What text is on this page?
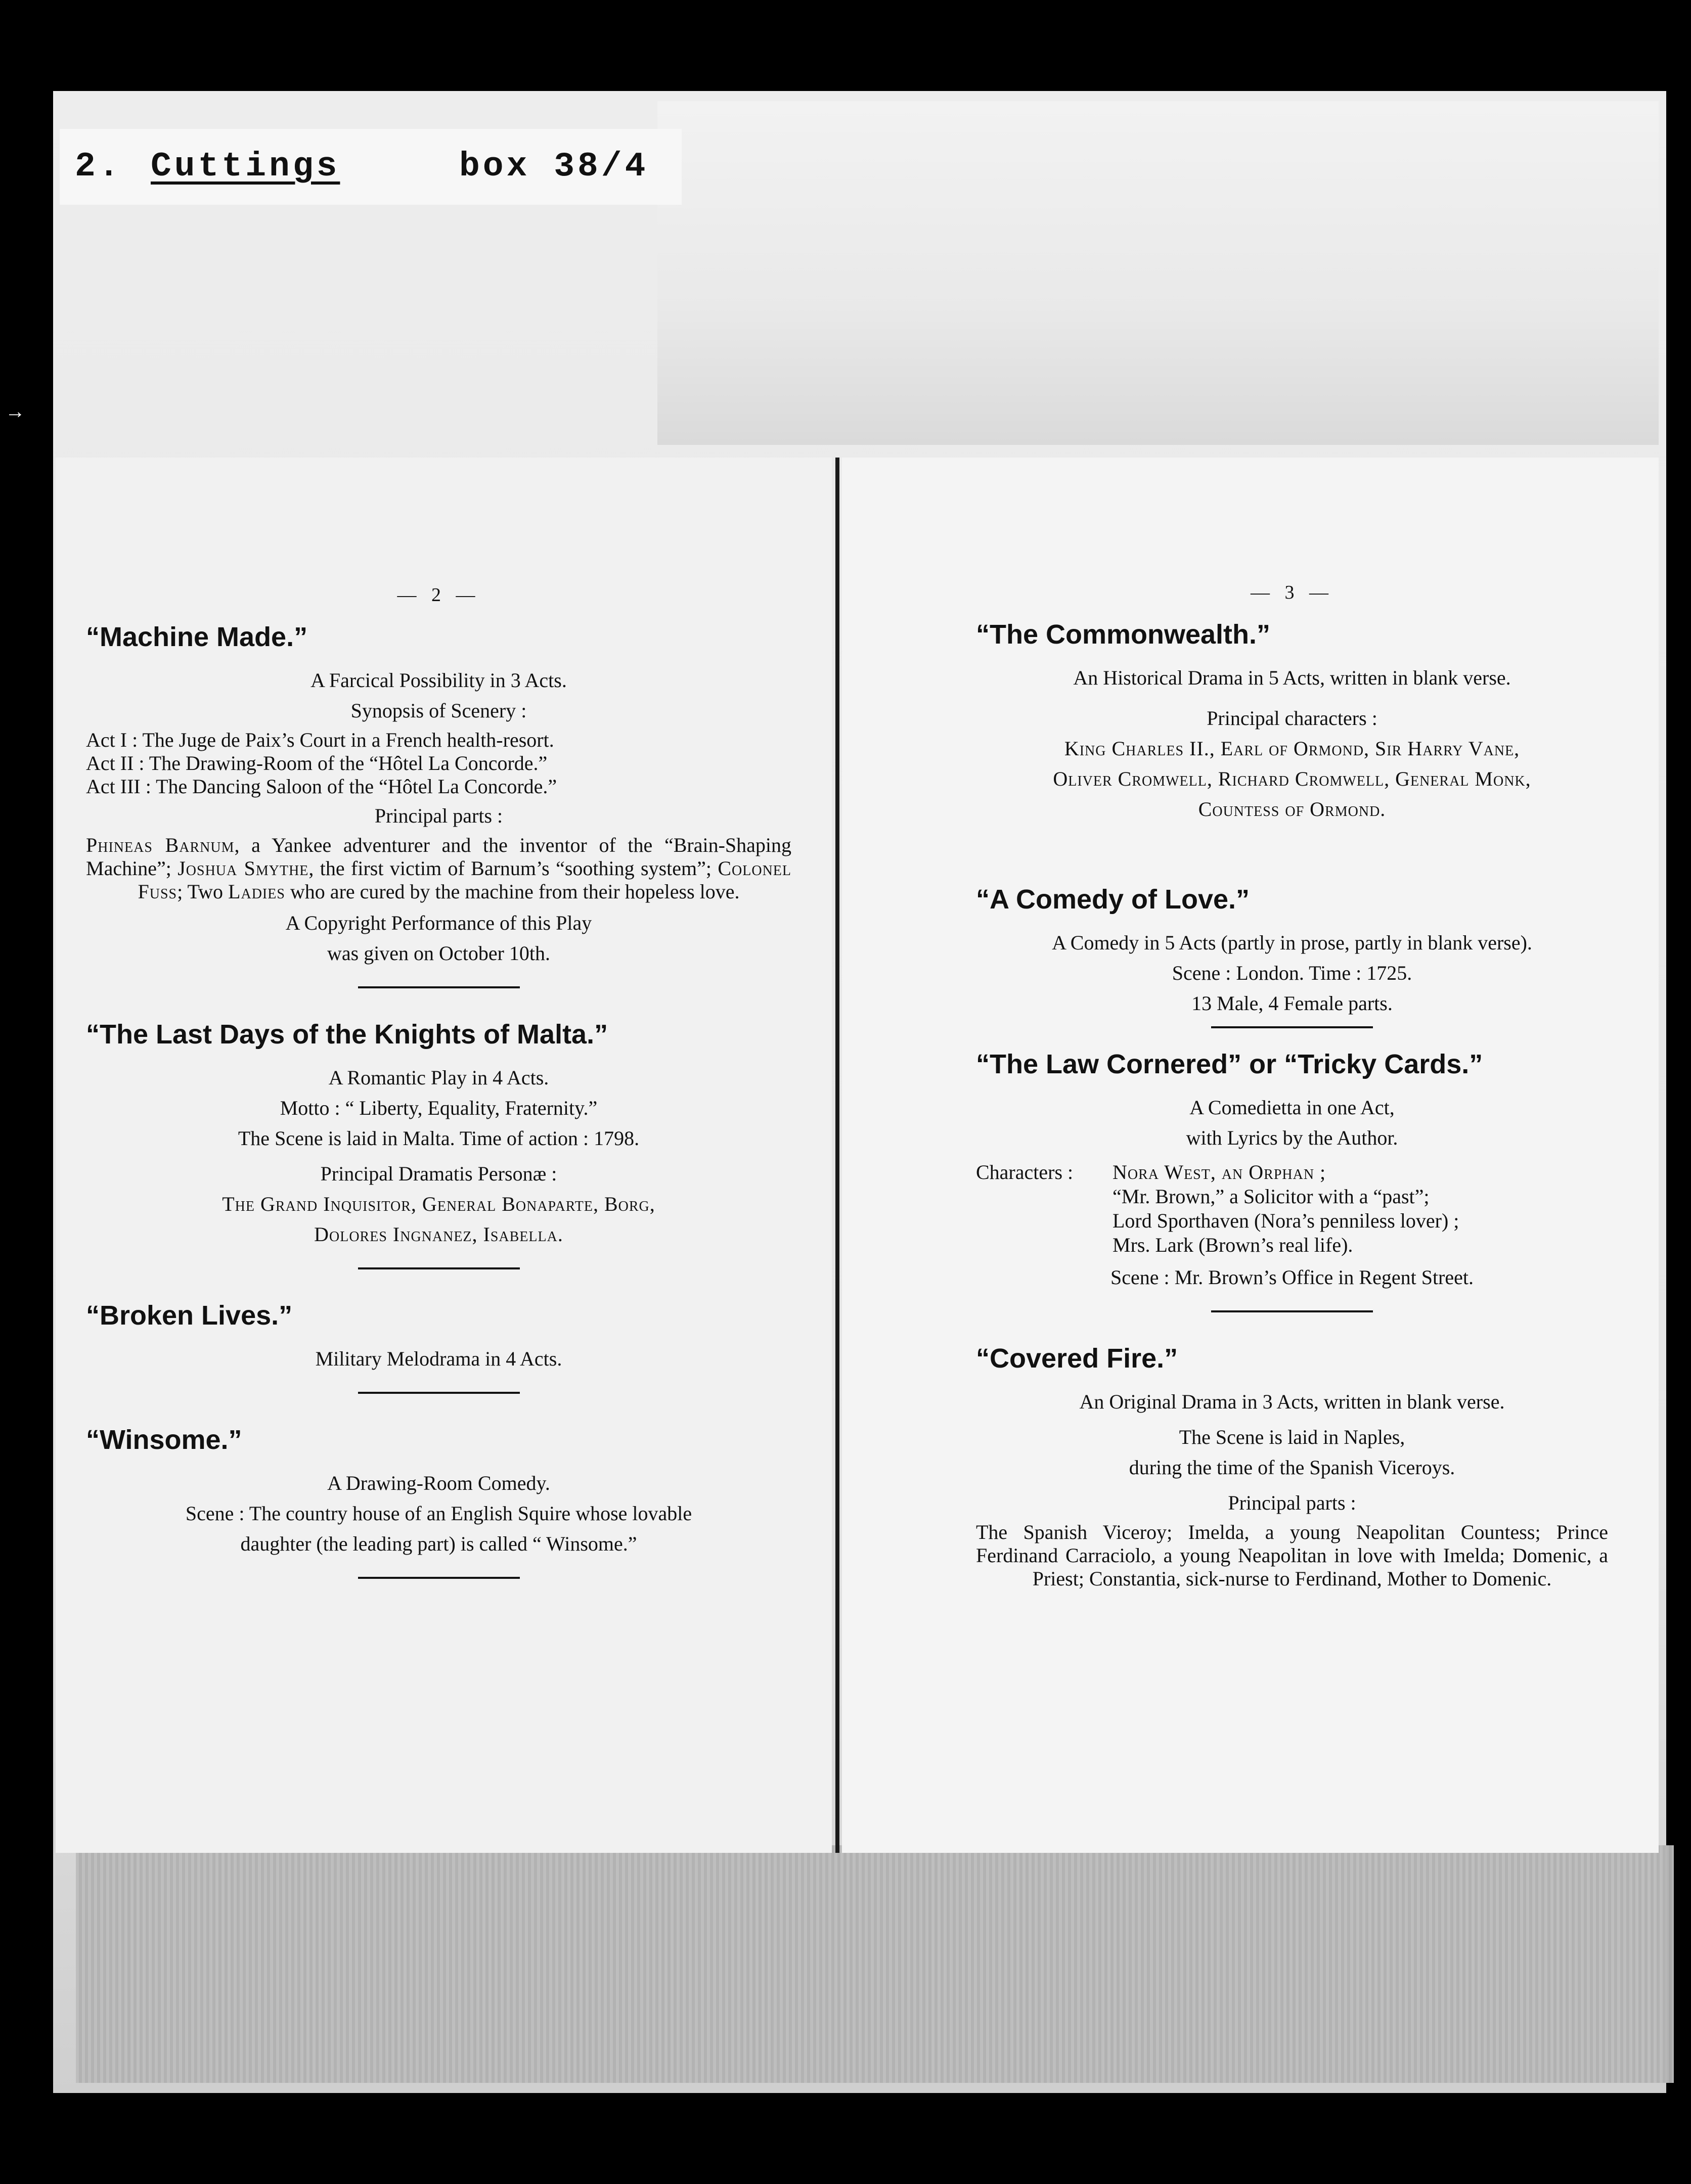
→
2. Cuttings	box 38/4
— 2 —
“Machine Made.”
A Farcical Possibility in 3 Acts.
Synopsis of Scenery :
Act I : The Juge de Paix’s Court in a French health-resort.
Act II : The Drawing-Room of the “Hôtel La Concorde.”
Act III : The Dancing Saloon of the “Hôtel La Concorde.”
Principal parts :
Phineas Barnum, a Yankee adventurer and the inventor of the “Brain-Shaping Machine”; Joshua Smythe, the first victim of Barnum’s “soothing system”; Colonel Fuss; Two Ladies who are cured by the machine from their hopeless love.
A Copyright Performance of this Play
was given on October 10th.
“The Last Days of the Knights of Malta.”
A Romantic Play in 4 Acts.
Motto : “ Liberty, Equality, Fraternity.”
The Scene is laid in Malta. Time of action : 1798.
Principal Dramatis Personæ :
The Grand Inquisitor, General Bonaparte, Borg,
Dolores Ingnanez, Isabella.
“Broken Lives.”
Military Melodrama in 4 Acts.
“Winsome.”
A Drawing-Room Comedy.
Scene : The country house of an English Squire whose lovable
daughter (the leading part) is called “ Winsome.”
— 3 —
“The Commonwealth.”
An Historical Drama in 5 Acts, written in blank verse.
Principal characters :
King Charles II., Earl of Ormond, Sir Harry Vane,
Oliver Cromwell, Richard Cromwell, General Monk,
Countess of Ormond.
“A Comedy of Love.”
A Comedy in 5 Acts (partly in prose, partly in blank verse).
Scene : London. Time : 1725.
13 Male, 4 Female parts.
“The Law Cornered” or “Tricky Cards.”
A Comedietta in one Act,
with Lyrics by the Author.
Characters :	Nora West, an Orphan ;
“Mr. Brown,” a Solicitor with a “past”;
Lord Sporthaven (Nora’s penniless lover) ;
Mrs. Lark (Brown’s real life).
Scene : Mr. Brown’s Office in Regent Street.
“Covered Fire.”
An Original Drama in 3 Acts, written in blank verse.
The Scene is laid in Naples,
during the time of the Spanish Viceroys.
Principal parts :
The Spanish Viceroy; Imelda, a young Neapolitan Countess; Prince Ferdinand Carraciolo, a young Neapolitan in love with Imelda; Domenic, a Priest; Constantia, sick-nurse to Ferdinand, Mother to Domenic.
